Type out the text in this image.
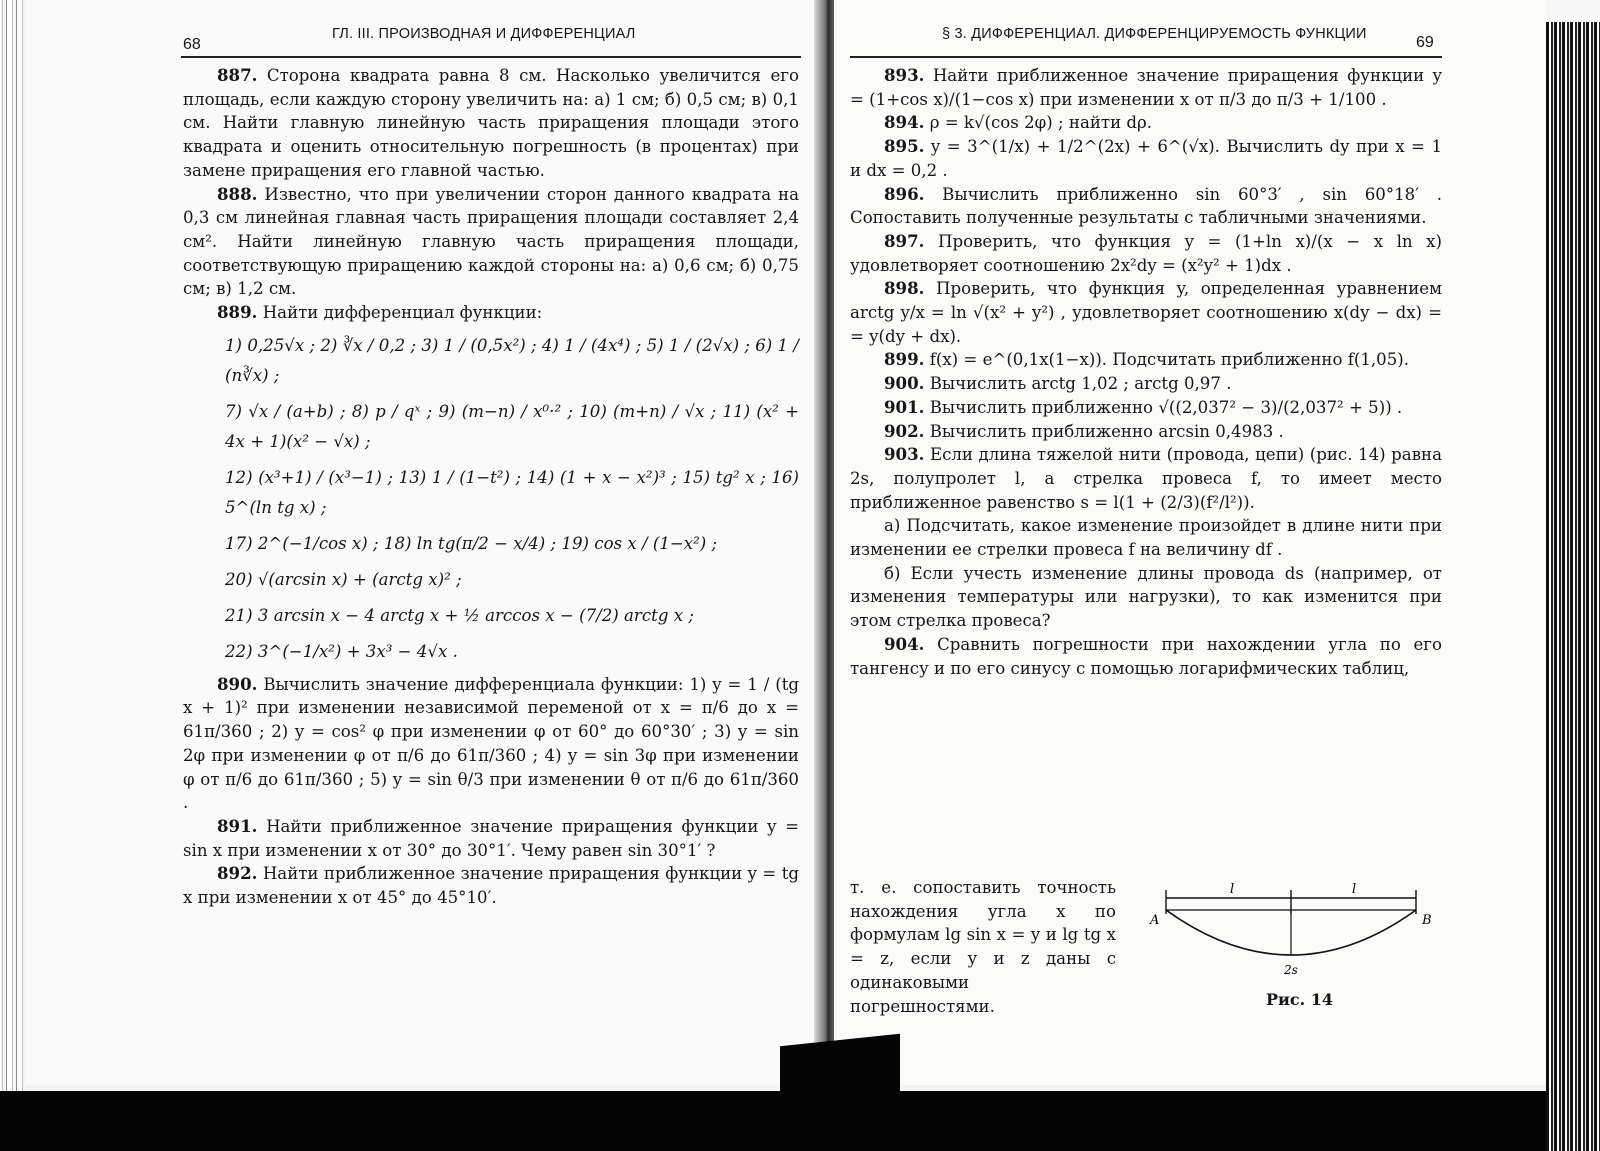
68
ГЛ. III. ПРОИЗВОДНАЯ И ДИФФЕРЕНЦИАЛ

887. Сторона квадрата равна 8 см. Насколько увеличится его площадь, если каждую сторону увеличить на: а) 1 см; б) 0,5 см; в) 0,1 см. Найти главную линейную часть приращения площади этого квадрата и оценить относительную погрешность (в процентах) при замене приращения его главной частью.

888. Известно, что при увеличении сторон данного квадрата на 0,3 см линейная главная часть приращения площади составляет 2,4 см². Найти линейную главную часть приращения площади, соответствующую приращению каждой стороны на: а) 0,6 см; б) 0,75 см; в) 1,2 см.

889. Найти дифференциал функции:

1) 0,25√x ; 2) ∛x / 0,2 ; 3) 1 / (0,5x²) ; 4) 1 / (4x⁴) ; 5) 1 / (2√x) ; 6) 1 / (n∛x) ;

7) √x / (a+b) ; 8) p / qˣ ; 9) (m−n) / x⁰·² ; 10) (m+n) / √x ; 11) (x² + 4x + 1)(x² − √x) ;

12) (x³+1) / (x³−1) ; 13) 1 / (1−t²) ; 14) (1 + x − x²)³ ; 15) tg² x ; 16) 5^(ln tg x) ;

17) 2^(−1/cos x) ; 18) ln tg(π/2 − x/4) ; 19) cos x / (1−x²) ;

20) √(arcsin x) + (arctg x)² ;

21) 3 arcsin x − 4 arctg x + ½ arccos x − (7/2) arctg x ;

22) 3^(−1/x²) + 3x³ − 4√x .

890. Вычислить значение дифференциала функции: 1) y = 1 / (tg x + 1)² при изменении независимой переменой от x = π/6 до x = 61π/360 ; 2) y = cos² φ при изменении φ от 60° до 60°30′ ; 3) y = sin 2φ при изменении φ от π/6 до 61π/360 ; 4) y = sin 3φ при изменении φ от π/6 до 61π/360 ; 5) y = sin θ/3 при изменении θ от π/6 до 61π/360 .

891. Найти приближенное значение приращения функции y = sin x при изменении x от 30° до 30°1′. Чему равен sin 30°1′ ?

892. Найти приближенное значение приращения функции y = tg x при изменении x от 45° до 45°10′.

§ 3. ДИФФЕРЕНЦИАЛ. ДИФФЕРЕНЦИРУЕМОСТЬ ФУНКЦИИ	69

893. Найти приближенное значение приращения функции y = (1+cos x)/(1−cos x) при изменении x от π/3 до π/3 + 1/100 .

894. ρ = k√(cos 2φ) ; найти dρ.

895. y = 3^(1/x) + 1/2^(2x) + 6^(√x). Вычислить dy при x = 1 и dx = 0,2 .

896. Вычислить приближенно sin 60°3′ , sin 60°18′ . Сопоставить полученные результаты с табличными значениями.

897. Проверить, что функция y = (1+ln x)/(x − x ln x) удовлетворяет соотношению 2x²dy = (x²y² + 1)dx .

898. Проверить, что функция y, определенная уравнением arctg y/x = ln √(x² + y²) , удовлетворяет соотношению x(dy − dx) = = y(dy + dx).

899. f(x) = e^(0,1x(1−x)). Подсчитать приближенно f(1,05).

900. Вычислить arctg 1,02 ; arctg 0,97 .

901. Вычислить приближенно √((2,037² − 3)/(2,037² + 5)) .

902. Вычислить приближенно arcsin 0,4983 .

903. Если длина тяжелой нити (провода, цепи) (рис. 14) равна 2s, полупролет l, а стрелка провеса f, то имеет место приближенное равенство s = l(1 + (2/3)(f²/l²)).

а) Подсчитать, какое изменение произойдет в длине нити при изменении ее стрелки провеса f на величину df .

б) Если учесть изменение длины провода ds (например, от изменения температуры или нагрузки), то как изменится при этом стрелка провеса?

904. Сравнить погрешности при нахождении угла по его тангенсу и по его синусу с помощью логарифмических таблиц,

т. е. сопоставить точность нахождения угла x по формулам lg sin x = y и lg tg x = z, если y и z даны с одинаковыми погрешностями.

l	l
A	B
2s
Рис. 14
